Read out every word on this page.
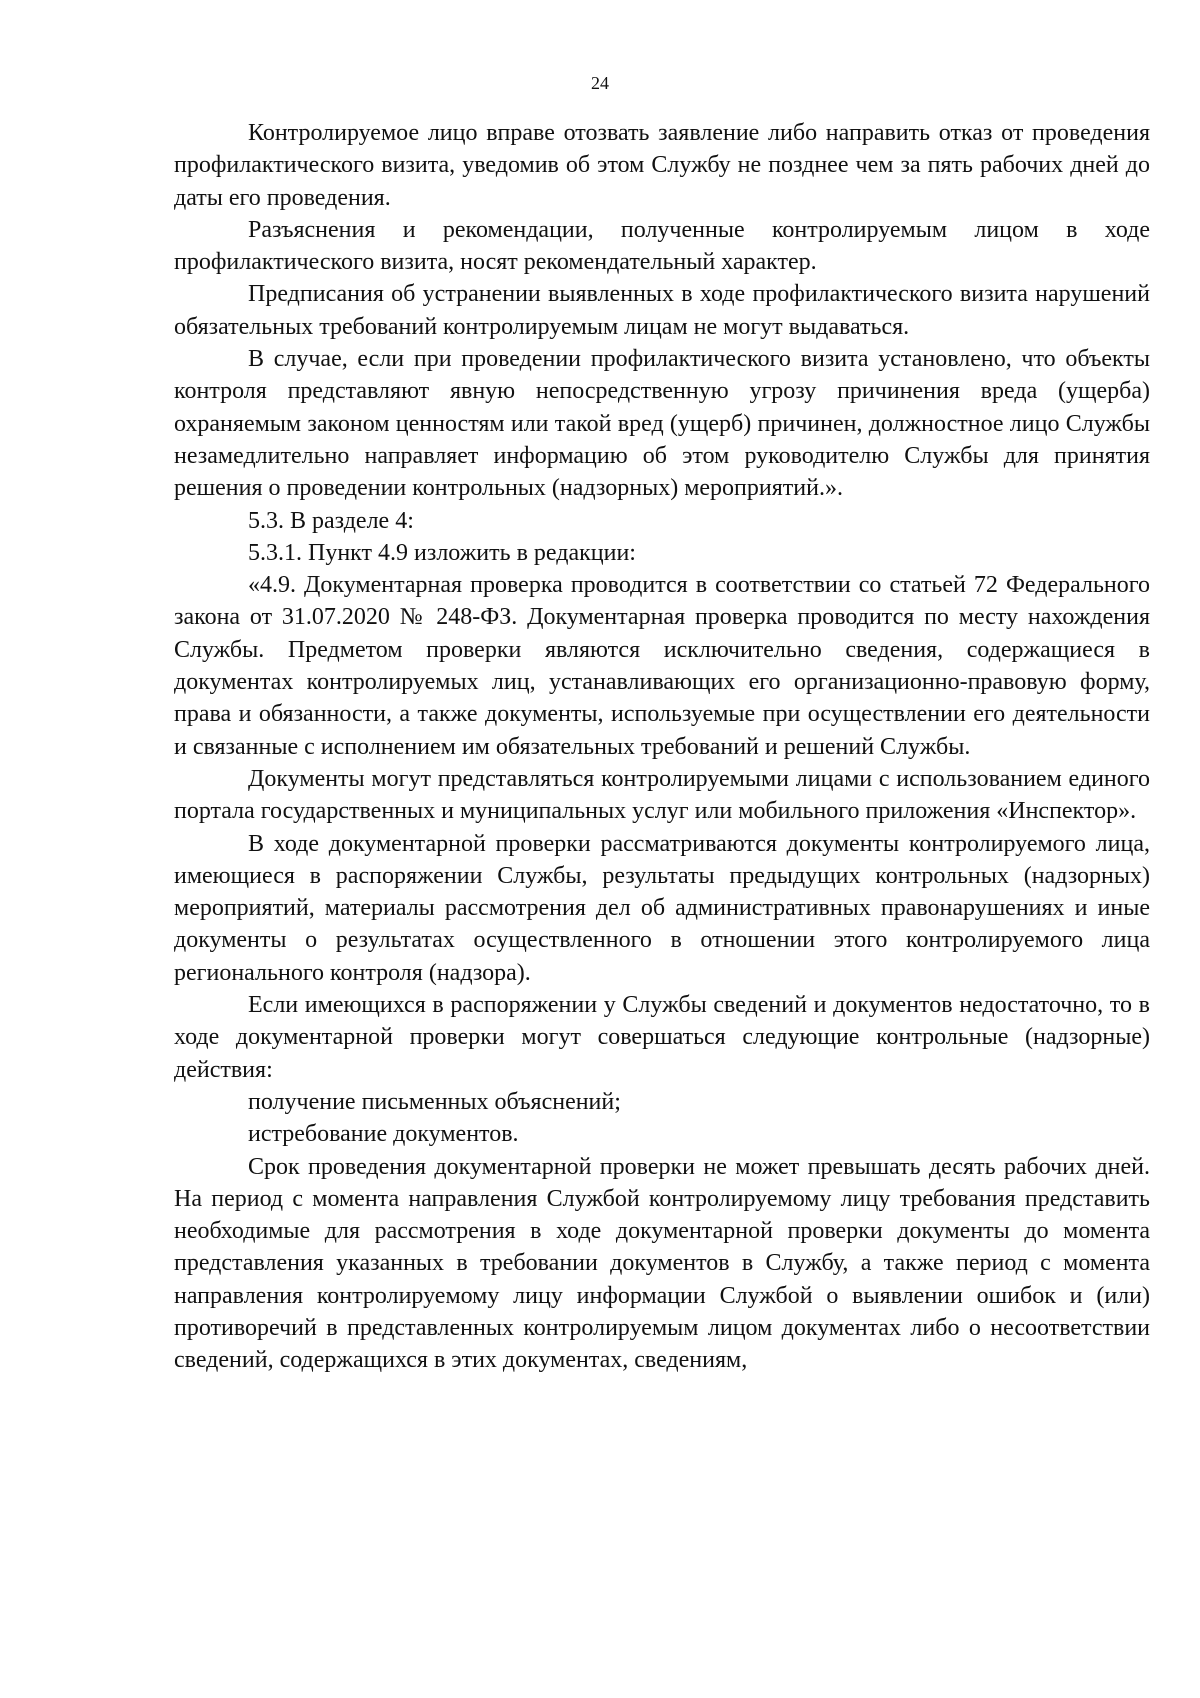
24

Контролируемое лицо вправе отозвать заявление либо направить отказ от проведения профилактического визита, уведомив об этом Службу не позднее чем за пять рабочих дней до даты его проведения.

Разъяснения и рекомендации, полученные контролируемым лицом в ходе профилактического визита, носят рекомендательный характер.

Предписания об устранении выявленных в ходе профилактического визита нарушений обязательных требований контролируемым лицам не могут выдаваться.

В случае, если при проведении профилактического визита установлено, что объекты контроля представляют явную непосредственную угрозу причинения вреда (ущерба) охраняемым законом ценностям или такой вред (ущерб) причинен, должностное лицо Службы незамедлительно направляет информацию об этом руководителю Службы для принятия решения о проведении контрольных (надзорных) мероприятий.».

5.3. В разделе 4:

5.3.1. Пункт 4.9 изложить в редакции:

«4.9. Документарная проверка проводится в соответствии со статьей 72 Федерального закона от 31.07.2020 № 248-ФЗ. Документарная проверка проводится по месту нахождения Службы. Предметом проверки являются исключительно сведения, содержащиеся в документах контролируемых лиц, устанавливающих его организационно-правовую форму, права и обязанности, а также документы, используемые при осуществлении его деятельности и связанные с исполнением им обязательных требований и решений Службы.

Документы могут представляться контролируемыми лицами с использованием единого портала государственных и муниципальных услуг или мобильного приложения «Инспектор».

В ходе документарной проверки рассматриваются документы контролируемого лица, имеющиеся в распоряжении Службы, результаты предыдущих контрольных (надзорных) мероприятий, материалы рассмотрения дел об административных правонарушениях и иные документы о результатах осуществленного в отношении этого контролируемого лица регионального контроля (надзора).

Если имеющихся в распоряжении у Службы сведений и документов недостаточно, то в ходе документарной проверки могут совершаться следующие контрольные (надзорные) действия:

получение письменных объяснений;

истребование документов.

Срок проведения документарной проверки не может превышать десять рабочих дней. На период с момента направления Службой контролируемому лицу требования представить необходимые для рассмотрения в ходе документарной проверки документы до момента представления указанных в требовании документов в Службу, а также период с момента направления контролируемому лицу информации Службой о выявлении ошибок и (или) противоречий в представленных контролируемым лицом документах либо о несоответствии сведений, содержащихся в этих документах, сведениям,
